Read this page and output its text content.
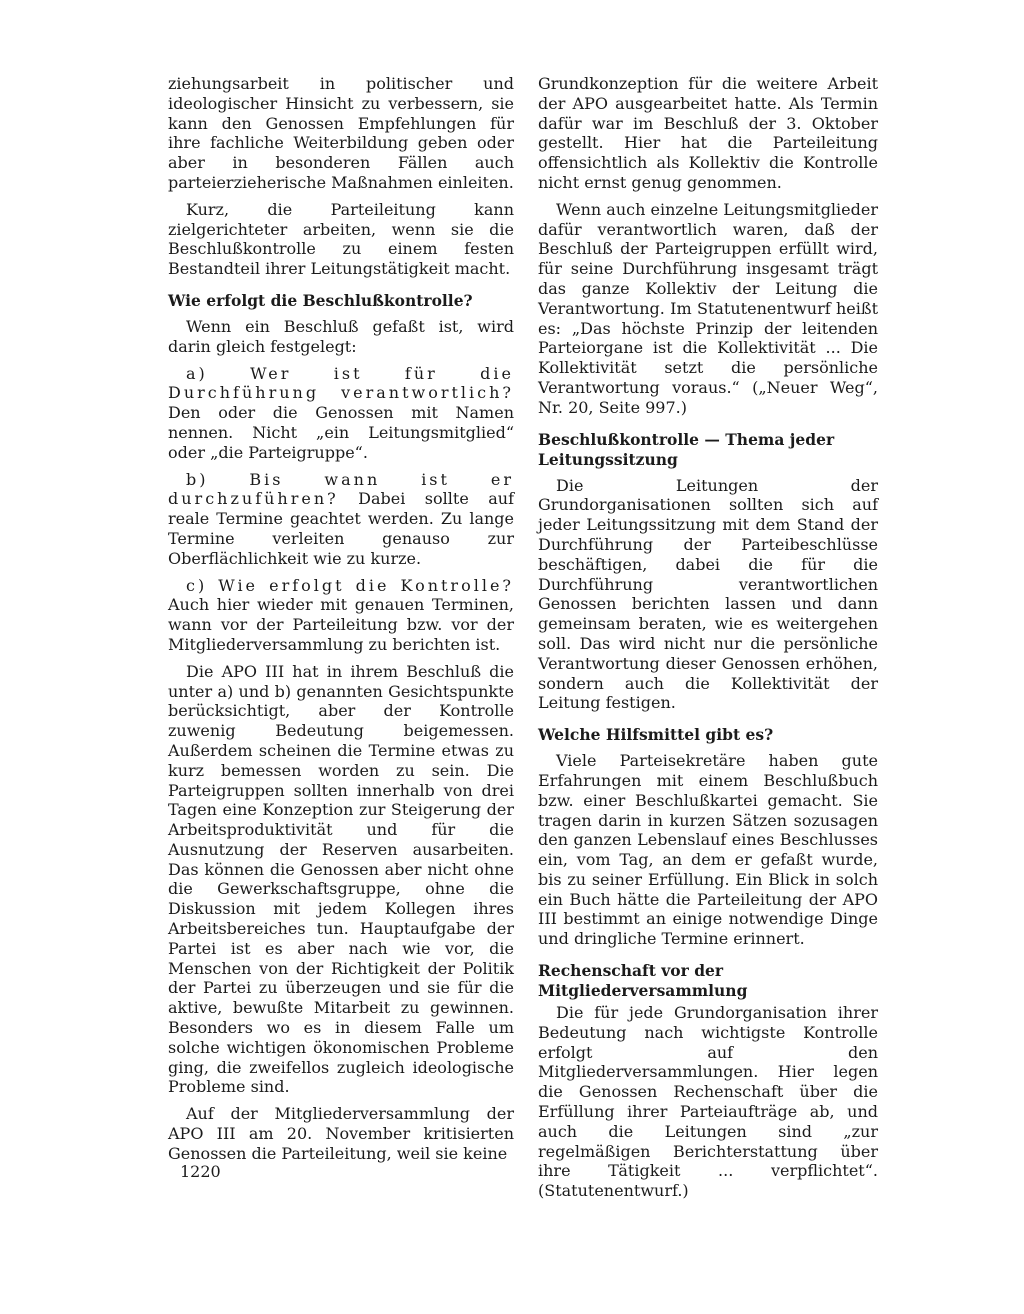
ziehungsarbeit in politischer und ideologischer Hinsicht zu verbessern, sie kann den Genossen Empfehlungen für ihre fachliche Weiterbildung geben oder aber in besonderen Fällen auch parteierzieherische Maßnahmen einleiten.

Kurz, die Parteileitung kann zielgerichteter arbeiten, wenn sie die Beschlußkontrolle zu einem festen Bestandteil ihrer Leitungstätigkeit macht.

Wie erfolgt die Beschlußkontrolle?

Wenn ein Beschluß gefaßt ist, wird darin gleich festgelegt:

a) Wer ist für die Durchführung verantwortlich? Den oder die Genossen mit Namen nennen. Nicht „ein Leitungsmitglied“ oder „die Parteigruppe“.

b) Bis wann ist er durchzuführen? Dabei sollte auf reale Termine geachtet werden. Zu lange Termine verleiten genauso zur Oberflächlichkeit wie zu kurze.

c) Wie erfolgt die Kontrolle? Auch hier wieder mit genauen Terminen, wann vor der Parteileitung bzw. vor der Mitgliederversammlung zu berichten ist.

Die APO III hat in ihrem Beschluß die unter a) und b) genannten Gesichtspunkte berücksichtigt, aber der Kontrolle zuwenig Bedeutung beigemessen. Außerdem scheinen die Termine etwas zu kurz bemessen worden zu sein. Die Parteigruppen sollten innerhalb von drei Tagen eine Konzeption zur Steigerung der Arbeitsproduktivität und für die Ausnutzung der Reserven ausarbeiten. Das können die Genossen aber nicht ohne die Gewerkschaftsgruppe, ohne die Diskussion mit jedem Kollegen ihres Arbeitsbereiches tun. Hauptaufgabe der Partei ist es aber nach wie vor, die Menschen von der Richtigkeit der Politik der Partei zu überzeugen und sie für die aktive, bewußte Mitarbeit zu gewinnen. Besonders wo es in diesem Falle um solche wichtigen ökonomischen Probleme ging, die zweifellos zugleich ideologische Probleme sind.

Auf der Mitgliederversammlung der APO III am 20. November kritisierten Genossen die Parteileitung, weil sie keine

Grundkonzeption für die weitere Arbeit der APO ausgearbeitet hatte. Als Termin dafür war im Beschluß der 3. Oktober gestellt. Hier hat die Parteileitung offensichtlich als Kollektiv die Kontrolle nicht ernst genug genommen.

Wenn auch einzelne Leitungsmitglieder dafür verantwortlich waren, daß der Beschluß der Parteigruppen erfüllt wird, für seine Durchführung insgesamt trägt das ganze Kollektiv der Leitung die Verantwortung. Im Statutenentwurf heißt es: „Das höchste Prinzip der leitenden Parteiorgane ist die Kollektivität ... Die Kollektivität setzt die persönliche Verantwortung voraus.“ („Neuer Weg“, Nr. 20, Seite 997.)

Beschlußkontrolle — Thema jeder Leitungssitzung

Die Leitungen der Grundorganisationen sollten sich auf jeder Leitungssitzung mit dem Stand der Durchführung der Parteibeschlüsse beschäftigen, dabei die für die Durchführung verantwortlichen Genossen berichten lassen und dann gemeinsam beraten, wie es weitergehen soll. Das wird nicht nur die persönliche Verantwortung dieser Genossen erhöhen, sondern auch die Kollektivität der Leitung festigen.

Welche Hilfsmittel gibt es?

Viele Parteisekretäre haben gute Erfahrungen mit einem Beschlußbuch bzw. einer Beschlußkartei gemacht. Sie tragen darin in kurzen Sätzen sozusagen den ganzen Lebenslauf eines Beschlusses ein, vom Tag, an dem er gefaßt wurde, bis zu seiner Erfüllung. Ein Blick in solch ein Buch hätte die Parteileitung der APO III bestimmt an einige notwendige Dinge und dringliche Termine erinnert.

Rechenschaft vor der Mitgliederversammlung

Die für jede Grundorganisation ihrer Bedeutung nach wichtigste Kontrolle erfolgt auf den Mitgliederversammlungen. Hier legen die Genossen Rechenschaft über die Erfüllung ihrer Parteiaufträge ab, und auch die Leitungen sind „zur regelmäßigen Berichterstattung über ihre Tätigkeit ... verpflichtet“. (Statutenentwurf.)

1220
